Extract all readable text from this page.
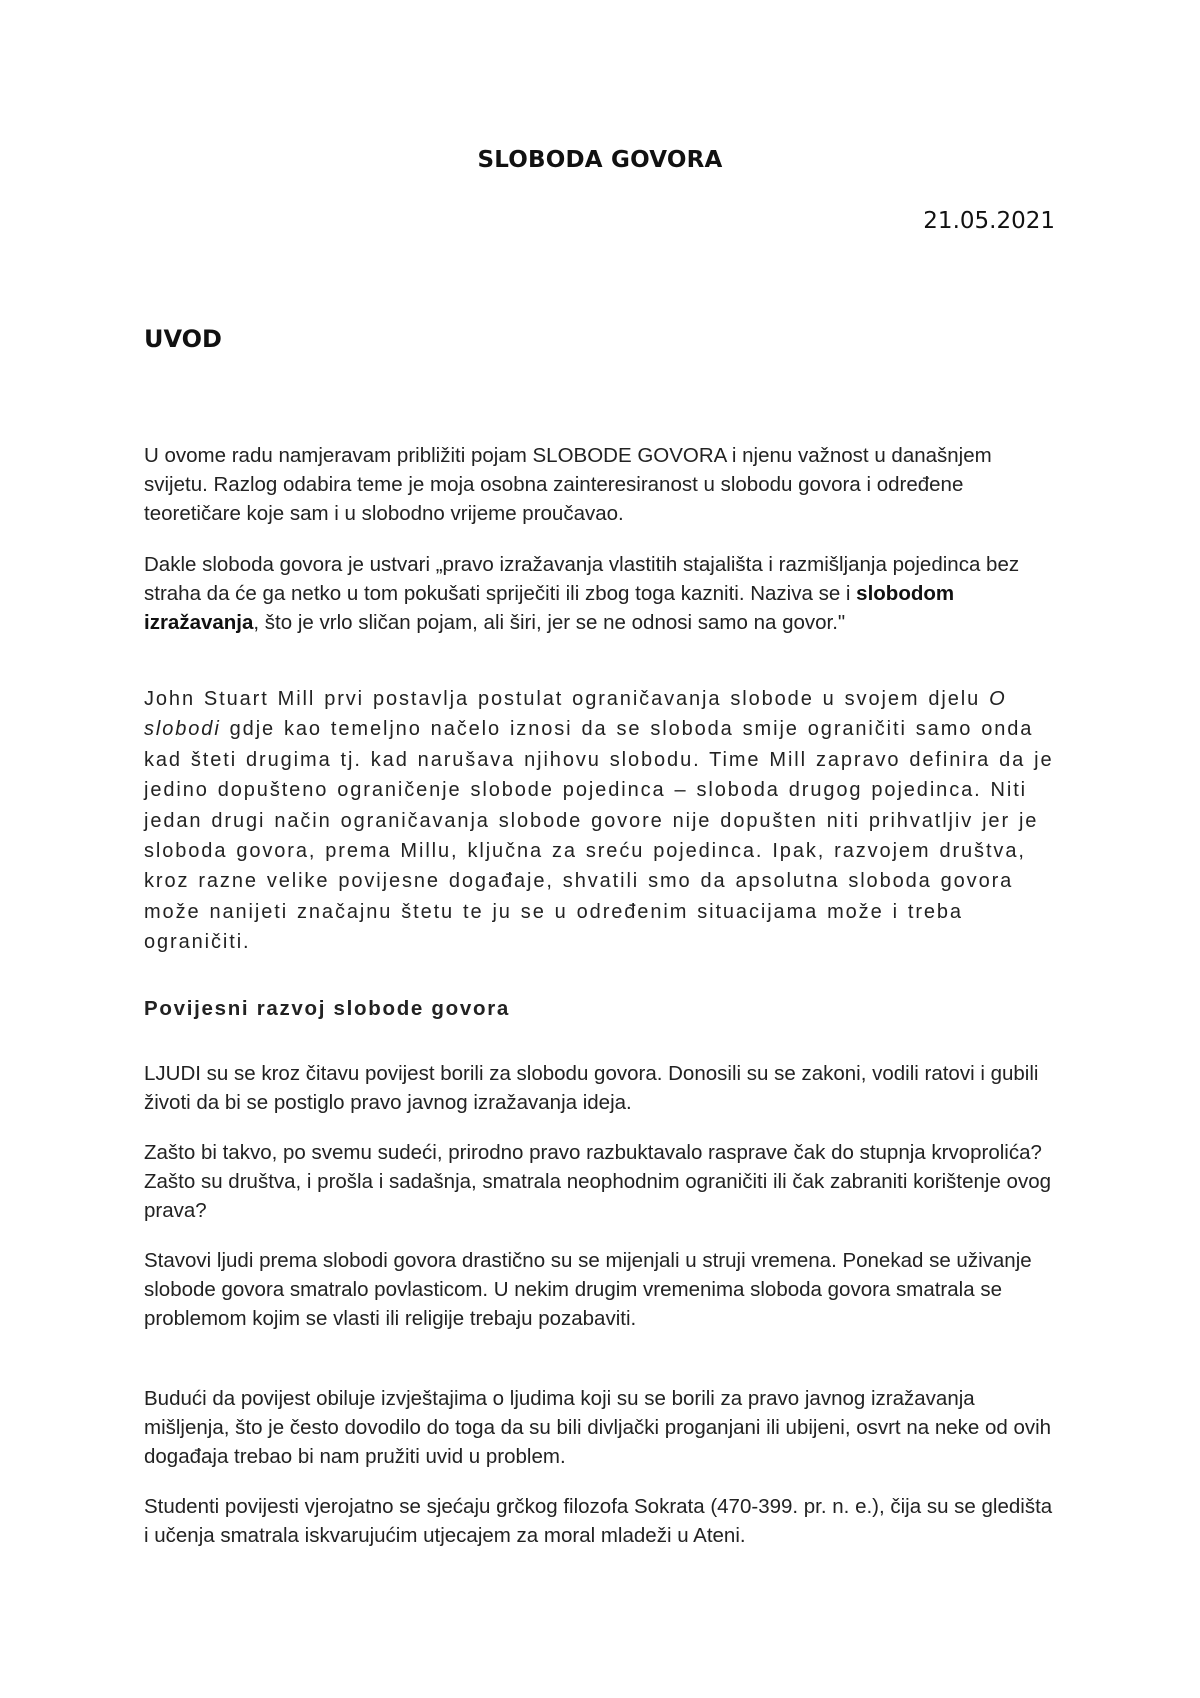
SLOBODA GOVORA
21.05.2021
UVOD

U ovome radu namjeravam približiti pojam SLOBODE GOVORA i njenu važnost u današnjem svijetu. Razlog odabira teme je moja osobna zainteresiranost u slobodu govora i određene teoretičare koje sam i u slobodno vrijeme proučavao.

Dakle sloboda govora je ustvari „pravo izražavanja vlastitih stajališta i razmišljanja pojedinca bez straha da će ga netko u tom pokušati spriječiti ili zbog toga kazniti. Naziva se i slobodom izražavanja, što je vrlo sličan pojam, ali širi, jer se ne odnosi samo na govor."

John Stuart Mill prvi postavlja postulat ograničavanja slobode u svojem djelu O slobodi gdje kao temeljno načelo iznosi da se sloboda smije ograničiti samo onda kad šteti drugima tj. kad narušava njihovu slobodu. Time Mill zapravo definira da je jedino dopušteno ograničenje slobode pojedinca – sloboda drugog pojedinca. Niti jedan drugi način ograničavanja slobode govore nije dopušten niti prihvatljiv jer je sloboda govora, prema Millu, ključna za sreću pojedinca. Ipak, razvojem društva, kroz razne velike povijesne događaje, shvatili smo da apsolutna sloboda govora može nanijeti značajnu štetu te ju se u određenim situacijama može i treba ograničiti.

Povijesni razvoj slobode govora

LJUDI su se kroz čitavu povijest borili za slobodu govora. Donosili su se zakoni, vodili ratovi i gubili životi da bi se postiglo pravo javnog izražavanja ideja.

Zašto bi takvo, po svemu sudeći, prirodno pravo razbuktavalo rasprave čak do stupnja krvoprolića? Zašto su društva, i prošla i sadašnja, smatrala neophodnim ograničiti ili čak zabraniti korištenje ovog prava?

Stavovi ljudi prema slobodi govora drastično su se mijenjali u struji vremena. Ponekad se uživanje slobode govora smatralo povlasticom. U nekim drugim vremenima sloboda govora smatrala se problemom kojim se vlasti ili religije trebaju pozabaviti.

Budući da povijest obiluje izvještajima o ljudima koji su se borili za pravo javnog izražavanja mišljenja, što je često dovodilo do toga da su bili divljački proganjani ili ubijeni, osvrt na neke od ovih događaja trebao bi nam pružiti uvid u problem.

Studenti povijesti vjerojatno se sjećaju grčkog filozofa Sokrata (470-399. pr. n. e.), čija su se gledišta i učenja smatrala iskvarujućim utjecajem za moral mladeži u Ateni.
